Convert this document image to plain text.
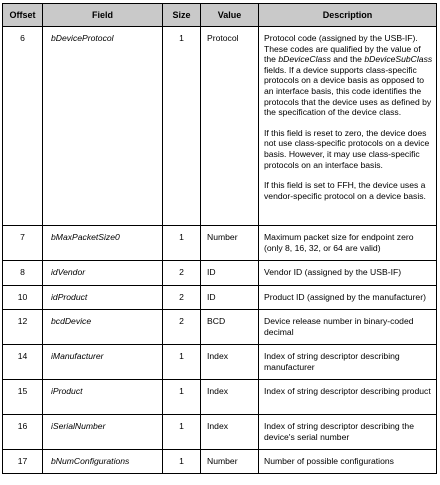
Offset	Field	Size	Value	Description
6	bDeviceProtocol	1	Protocol	Protocol code (assigned by the USB-IF). These codes are qualified by the value of the bDeviceClass and the bDeviceSubClass fields. If a device supports class-specific protocols on a device basis as opposed to an interface basis, this code identifies the protocols that the device uses as defined by the specification of the device class.

If this field is reset to zero, the device does not use class-specific protocols on a device basis. However, it may use class-specific protocols on an interface basis.

If this field is set to FFH, the device uses a vendor-specific protocol on a device basis.

7	bMaxPacketSize0	1	Number	Maximum packet size for endpoint zero (only 8, 16, 32, or 64 are valid)
8	idVendor	2	ID	Vendor ID (assigned by the USB-IF)
10	idProduct	2	ID	Product ID (assigned by the manufacturer)
12	bcdDevice	2	BCD	Device release number in binary-coded decimal
14	iManufacturer	1	Index	Index of string descriptor describing manufacturer
15	iProduct	1	Index	Index of string descriptor describing product
16	iSerialNumber	1	Index	Index of string descriptor describing the device's serial number
17	bNumConfigurations	1	Number	Number of possible configurations
